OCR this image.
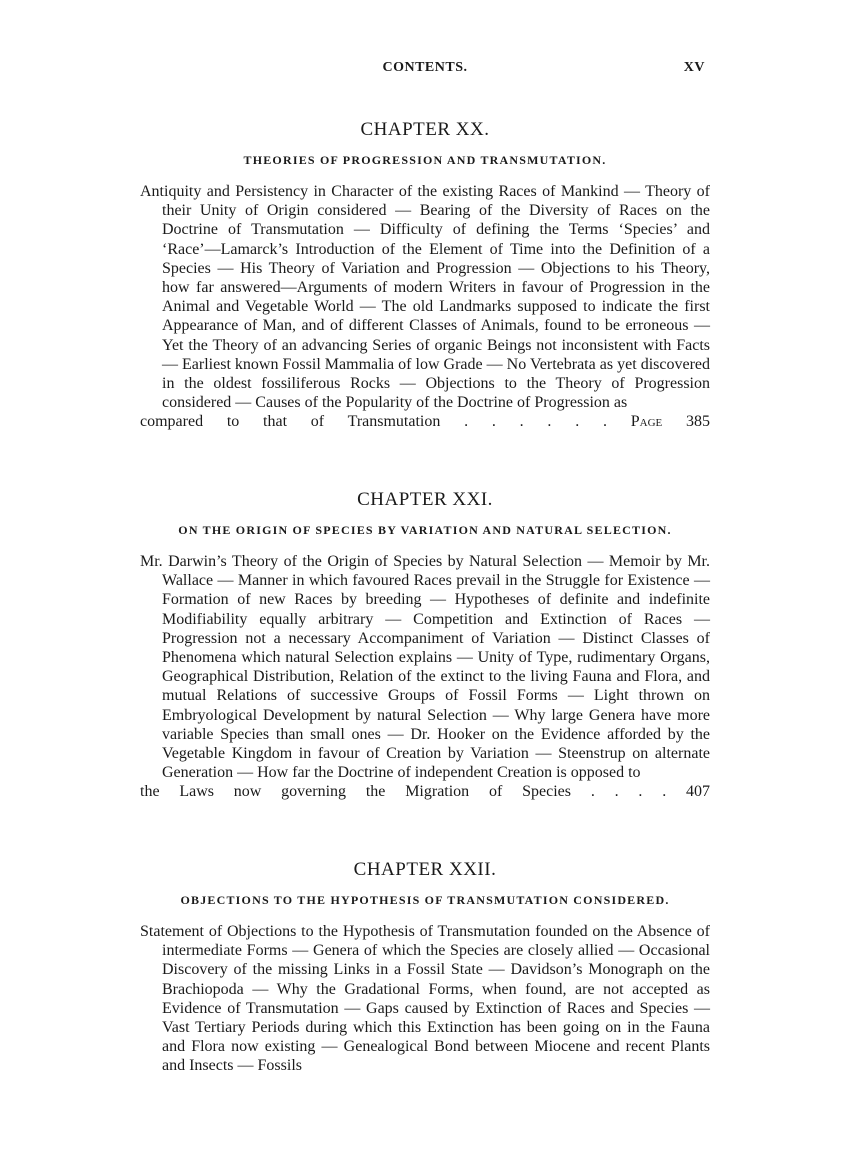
CONTENTS.	XV
CHAPTER XX.
THEORIES OF PROGRESSION AND TRANSMUTATION.

Antiquity and Persistency in Character of the existing Races of Mankind — Theory of their Unity of Origin considered — Bearing of the Diversity of Races on the Doctrine of Transmutation — Difficulty of defining the Terms ‘Species’ and ‘Race’—Lamarck’s Introduction of the Element of Time into the Definition of a Species — His Theory of Variation and Progression — Objections to his Theory, how far answered—Arguments of modern Writers in favour of Progression in the Animal and Vegetable World — The old Landmarks supposed to indicate the first Appearance of Man, and of different Classes of Animals, found to be erroneous — Yet the Theory of an advancing Series of organic Beings not inconsistent with Facts — Earliest known Fossil Mammalia of low Grade — No Vertebrata as yet discovered in the oldest fossiliferous Rocks — Objections to the Theory of Progression considered — Causes of the Popularity of the Doctrine of Progression as
compared to that of Transmutation . . . . . . Page 385

CHAPTER XXI.
ON THE ORIGIN OF SPECIES BY VARIATION AND NATURAL SELECTION.

Mr. Darwin’s Theory of the Origin of Species by Natural Selection — Memoir by Mr. Wallace — Manner in which favoured Races prevail in the Struggle for Existence — Formation of new Races by breeding — Hypotheses of definite and indefinite Modifiability equally arbitrary — Competition and Extinction of Races — Progression not a necessary Accompaniment of Variation — Distinct Classes of Phenomena which natural Selection explains — Unity of Type, rudimentary Organs, Geographical Distribution, Relation of the extinct to the living Fauna and Flora, and mutual Relations of successive Groups of Fossil Forms — Light thrown on Embryological Development by natural Selection — Why large Genera have more variable Species than small ones — Dr. Hooker on the Evidence afforded by the Vegetable Kingdom in favour of Creation by Variation — Steenstrup on alternate Generation — How far the Doctrine of independent Creation is opposed to
the Laws now governing the Migration of Species . . . . 407

CHAPTER XXII.
OBJECTIONS TO THE HYPOTHESIS OF TRANSMUTATION CONSIDERED.

Statement of Objections to the Hypothesis of Transmutation founded on the Absence of intermediate Forms — Genera of which the Species are closely allied — Occasional Discovery of the missing Links in a Fossil State — Davidson’s Monograph on the Brachiopoda — Why the Gradational Forms, when found, are not accepted as Evidence of Transmutation — Gaps caused by Extinction of Races and Species — Vast Tertiary Periods during which this Extinction has been going on in the Fauna and Flora now existing — Genealogical Bond between Miocene and recent Plants and Insects — Fossils
